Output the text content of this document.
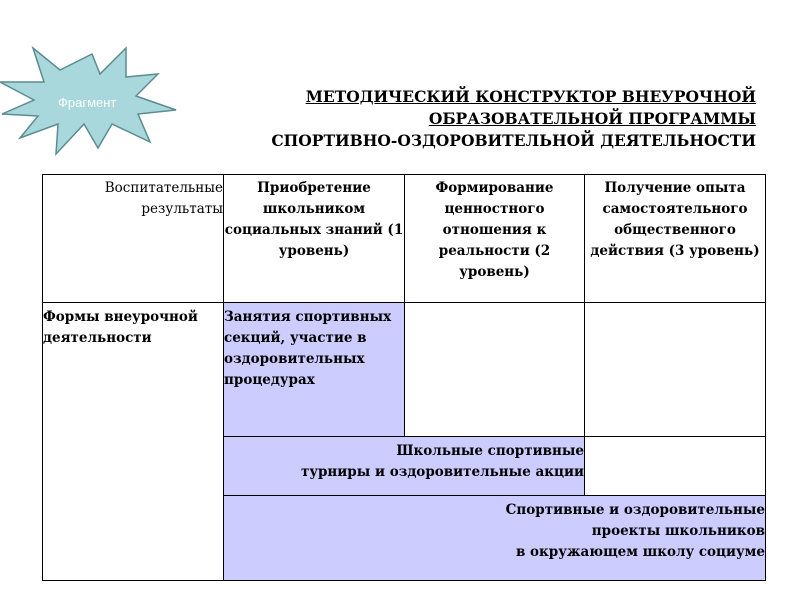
Фрагмент	МЕТОДИЧЕСКИЙ КОНСТРУКТОР ВНЕУРОЧНОЙ
ОБРАЗОВАТЕЛЬНОЙ ПРОГРАММЫ
СПОРТИВНО-ОЗДОРОВИТЕЛЬНОЙ ДЕЯТЕЛЬНОСТИ
Воспитательные результаты	Приобретение школьником социальных знаний (1 уровень)	Формирование ценностного отношения к реальности (2 уровень)	Получение опыта самостоятельного общественного действия (3 уровень)
Формы внеурочной деятельности	Занятия спортивных секций, участие в оздоровительных процедурах		

	Школьные спортивные
турниры и оздоровительные акции		

	Спортивные и оздоровительные
проекты школьников
в окружающем школу социуме		
